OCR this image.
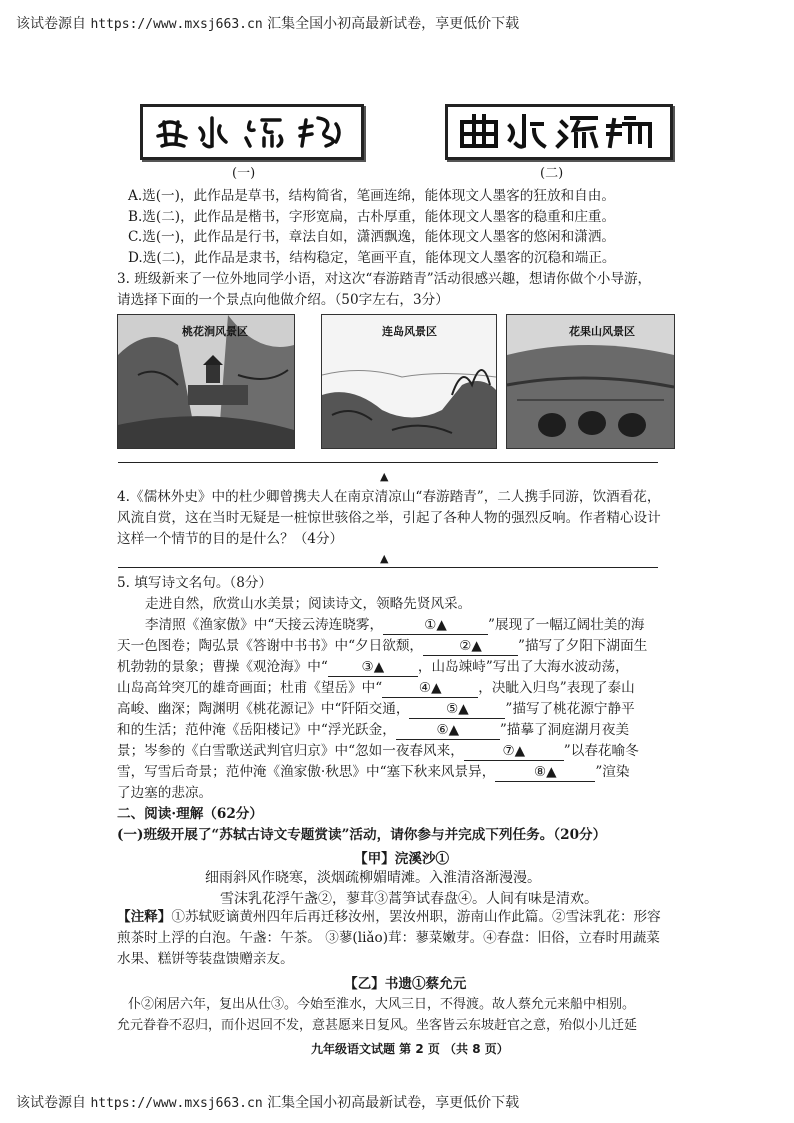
该试卷源自 https://www.mxsj663.cn 汇集全国小初高最新试卷，享更低价下载
(一)	(二)
A.选(一)，此作品是草书，结构简省，笔画连绵，能体现文人墨客的狂放和自由。
B.选(二)，此作品是楷书，字形宽扁，古朴厚重，能体现文人墨客的稳重和庄重。
C.选(一)，此作品是行书，章法自如，潇洒飘逸，能体现文人墨客的悠闲和潇洒。
D.选(二)，此作品是隶书，结构稳定，笔画平直，能体现文人墨客的沉稳和端正。
3. 班级新来了一位外地同学小语，对这次“春游踏青”活动很感兴趣，想请你做个小导游，
请选择下面的一个景点向他做介绍。（50字左右，3分）
桃花涧风景区	连岛风景区	花果山风景区
▲
4.《儒林外史》中的杜少卿曾携夫人在南京清凉山“春游踏青”，二人携手同游，饮酒看花，
风流自赏，这在当时无疑是一桩惊世骇俗之举，引起了各种人物的强烈反响。作者精心设计
这样一个情节的目的是什么？（4分）
▲
5. 填写诗文名句。（8分）
走进自然，欣赏山水美景；阅读诗文，领略先贤风采。
李清照《渔家傲》中“天接云涛连晓雾，	①▲	”展现了一幅辽阔壮美的海
天一色图卷；陶弘景《答谢中书书》中“夕日欲颓，	②▲	”描写了夕阳下湖面生
机勃勃的景象；曹操《观沧海》中“ ③▲ ，山岛竦峙”写出了大海水波动荡，
山岛高耸突兀的雄奇画面；杜甫《望岳》中“	④▲	，决眦入归鸟”表现了泰山
高峻、幽深；陶渊明《桃花源记》中“阡陌交通，	⑤▲	”描写了桃花源宁静平
和的生活；范仲淹《岳阳楼记》中“浮光跃金，	⑥▲	”描摹了洞庭湖月夜美
景；岑参的《白雪歌送武判官归京》中“忽如一夜春风来，	⑦▲	”以春花喻冬
雪，写雪后奇景；范仲淹《渔家傲·秋思》中“塞下秋来风景异，	⑧▲	”渲染
了边塞的悲凉。
二、阅读·理解（62分）
(一)班级开展了“苏轼古诗文专题赏读”活动，请你参与并完成下列任务。（20分）
【甲】浣溪沙①
细雨斜风作晓寒，淡烟疏柳媚晴滩。入淮清洛渐漫漫。
雪沫乳花浮午盏②，蓼茸③蒿笋试春盘④。人间有味是清欢。
【注释】①苏轼贬谪黄州四年后再迁移汝州，罢汝州职，游南山作此篇。②雪沫乳花：形容
煎茶时上浮的白泡。午盏：午茶。 ③蓼(liǎo)茸：蓼菜嫩芽。④春盘：旧俗，立春时用蔬菜
水果、糕饼等装盘馈赠亲友。
【乙】书遗①蔡允元
仆②闲居六年，复出从仕③。今始至淮水，大风三日，不得渡。故人蔡允元来船中相别。
允元眷眷不忍归，而仆迟回不发，意甚愿来日复风。坐客皆云东坡赶官之意，殆似小儿迁延
九年级语文试题 第 2 页 （共 8 页）
该试卷源自 https://www.mxsj663.cn 汇集全国小初高最新试卷，享更低价下载
